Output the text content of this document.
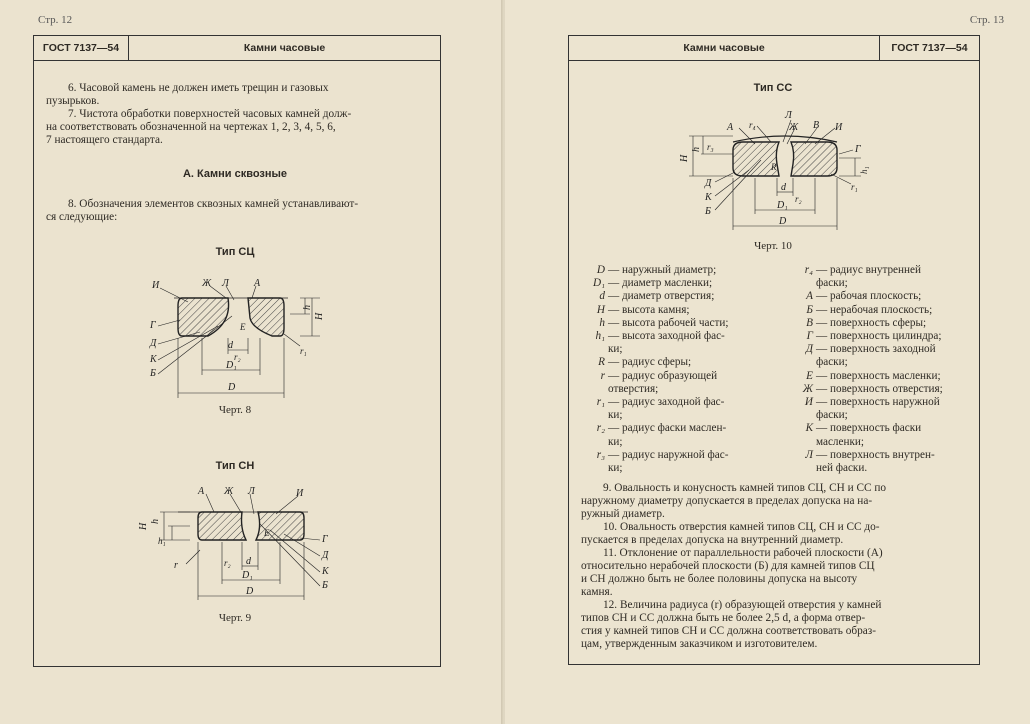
Стр. 12
ГОСТ 7137—54	Камни часовые

6. Часовой камень не должен иметь трещин и газовых

пузырьков.

7. Чистота обработки поверхностей часовых камней долж-

на соответствовать обозначенной на чертежах 1, 2, 3, 4, 5, 6,

7 настоящего стандарта.

А. Камни сквозные

8. Обозначения элементов сквозных камней устанавливают-

ся следующие:

Тип СЦ
И	Ж Л	А
Г
Д
К
Б
Е
d
r₂
D₁
D
h
H
r₁
Черт. 8
Тип СН
А Ж Л	И
H
h
h₁
r
Е
Г
Д
К
Б
r₂ d
D₁
D
Черт. 9
Стр. 13
Камни часовые	ГОСТ 7137—54
Тип СС
Л
А r₄	Ж В И
r₃
H
h	Г
R
r₁
h₁
Д
К
Б
d
r₂
D₁
D
Черт. 10
D — наружный диаметр;
D₁ — диаметр масленки;
d — диаметр отверстия;
H — высота камня;
h — высота рабочей части;
h₁ — высота заходной фас-
ки;
R — радиус сферы;
r — радиус образующей
отверстия;
r₁ — радиус заходной фас-
ки;
r₂ — радиус фаски маслен-
ки;
r₃ — радиус наружной фас-
ки;
r₄ — радиус внутренней
фаски;
А — рабочая плоскость;
Б — нерабочая плоскость;
В — поверхность сферы;
Г — поверхность цилиндра;
Д — поверхность заходной
фаски;
Е — поверхность масленки;
Ж — поверхность отверстия;
И — поверхность наружной
фаски;
К — поверхность фаски
масленки;
Л — поверхность внутрен-
ней фаски.

9. Овальность и конусность камней типов СЦ, СН и СС по

наружному диаметру допускается в пределах допуска на на-

ружный диаметр.

10. Овальность отверстия камней типов СЦ, СН и СС до-

пускается в пределах допуска на внутренний диаметр.

11. Отклонение от параллельности рабочей плоскости (А)

относительно нерабочей плоскости (Б) для камней типов СЦ

и СН должно быть не более половины допуска на высоту

камня.

12. Величина радиуса (r) образующей отверстия у камней

типов СН и СС должна быть не более 2,5 d, а форма отвер-

стия у камней типов СН и СС должна соответствовать образ-

цам, утвержденным заказчиком и изготовителем.
